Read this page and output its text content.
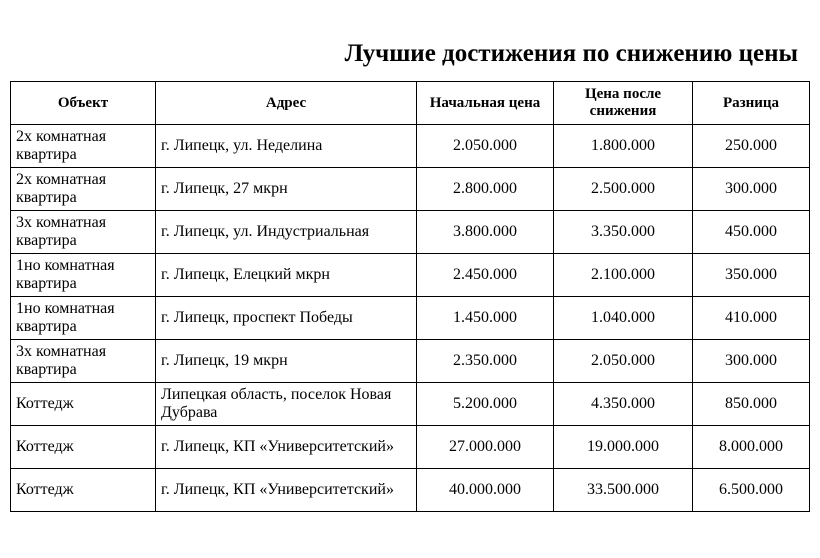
Лучшие достижения по снижению цены
Объект	Адрес	Начальная цена	Цена после снижения	Разница
2х комнатная квартира	г. Липецк, ул. Неделина	2.050.000	1.800.000	250.000
2х комнатная квартира	г. Липецк, 27 мкрн	2.800.000	2.500.000	300.000
3х комнатная квартира	г. Липецк, ул. Индустриальная	3.800.000	3.350.000	450.000
1но комнатная квартира	г. Липецк, Елецкий мкрн	2.450.000	2.100.000	350.000
1но комнатная квартира	г. Липецк, проспект Победы	1.450.000	1.040.000	410.000
3х комнатная квартира	г. Липецк, 19 мкрн	2.350.000	2.050.000	300.000
Коттедж	Липецкая область, поселок Новая Дубрава	5.200.000	4.350.000	850.000
Коттедж	г. Липецк, КП «Университетский»	27.000.000	19.000.000	8.000.000
Коттедж	г. Липецк, КП «Университетский»	40.000.000	33.500.000	6.500.000
